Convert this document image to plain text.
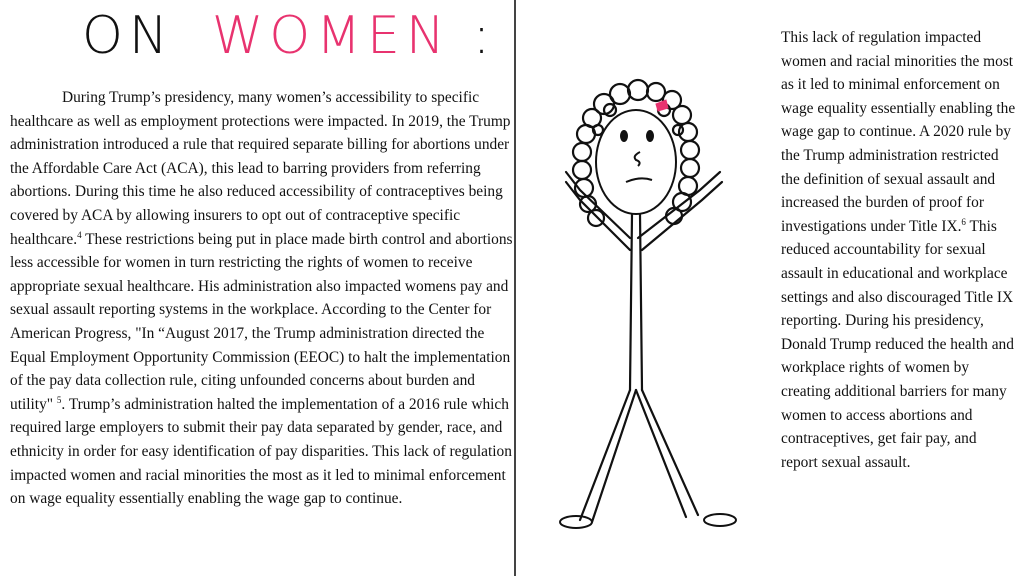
ON WOMEN :
During Trump’s presidency, many women’s accessibility to specific healthcare as well as employment protections were impacted. In 2019, the Trump administration introduced a rule that required separate billing for abortions under the Affordable Care Act (ACA), this lead to barring providers from referring abortions. During this time he also reduced accessibility of contraceptives being covered by ACA by allowing insurers to opt out of contraceptive specific healthcare.$^4$ These restrictions being put in place made birth control and abortions less accessible for women in turn restricting the rights of women to receive appropriate sexual healthcare. His administration also impacted womens pay and sexual assault reporting systems in the workplace. According to the Center for American Progress, "In “August 2017, the Trump administration directed the Equal Employment Opportunity Commission (EEOC) to halt the implementation of the pay data collection rule, citing unfounded concerns about burden and utility" $^5$. Trump’s administration halted the implementation of a 2016 rule which required large employers to submit their pay data separated by gender, race, and ethnicity in order for easy identification of pay disparities. This lack of regulation impacted women and racial minorities the most as it led to minimal enforcement on wage equality essentially enabling the wage gap to continue.
This lack of regulation impacted women and racial minorities the most as it led to minimal enforcement on wage equality essentially enabling the wage gap to continue. A 2020 rule by the Trump administration restricted the definition of sexual assault and increased the burden of proof for investigations under Title IX.$^6$ This reduced accountability for sexual assault in educational and workplace settings and also discouraged Title IX reporting. During his presidency, Donald Trump reduced the health and workplace rights of women by creating additional barriers for many women to access abortions and contraceptives, get fair pay, and report sexual assault.
